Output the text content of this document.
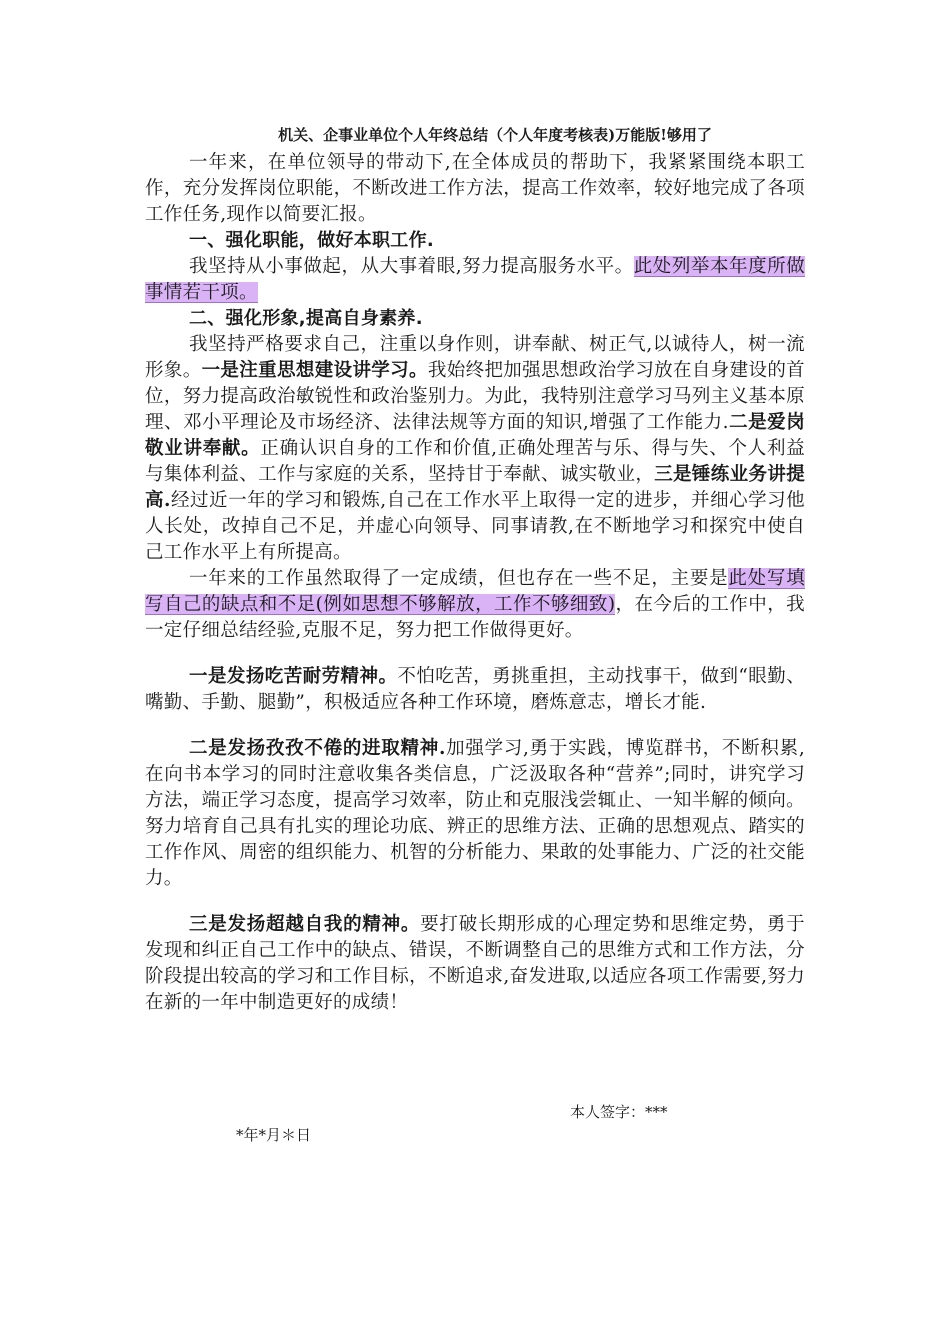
机关、企事业单位个人年终总结（个人年度考核表)万能版!够用了

一年来，在单位领导的带动下,在全体成员的帮助下，我紧紧围绕本职工作，充分发挥岗位职能，不断改进工作方法，提高工作效率，较好地完成了各项工作任务,现作以简要汇报。

一、强化职能，做好本职工作.

我坚持从小事做起，从大事着眼,努力提高服务水平。此处列举本年度所做事情若干项。

二、强化形象,提高自身素养.

我坚持严格要求自己，注重以身作则，讲奉献、树正气,以诚待人，树一流形象。一是注重思想建设讲学习。我始终把加强思想政治学习放在自身建设的首位，努力提高政治敏锐性和政治鉴别力。为此，我特别注意学习马列主义基本原理、邓小平理论及市场经济、法律法规等方面的知识,增强了工作能力.二是爱岗敬业讲奉献。正确认识自身的工作和价值,正确处理苦与乐、得与失、个人利益与集体利益、工作与家庭的关系，坚持甘于奉献、诚实敬业，三是锤练业务讲提高.经过近一年的学习和锻炼,自己在工作水平上取得一定的进步，并细心学习他人长处，改掉自己不足，并虚心向领导、同事请教,在不断地学习和探究中使自己工作水平上有所提高。

一年来的工作虽然取得了一定成绩，但也存在一些不足，主要是此处写填写自己的缺点和不足(例如思想不够解放，工作不够细致)，在今后的工作中，我一定仔细总结经验,克服不足，努力把工作做得更好。

一是发扬吃苦耐劳精神。不怕吃苦，勇挑重担，主动找事干，做到“眼勤、嘴勤、手勤、腿勤”，积极适应各种工作环境，磨炼意志，增长才能.

二是发扬孜孜不倦的进取精神.加强学习,勇于实践，博览群书，不断积累,在向书本学习的同时注意收集各类信息，广泛汲取各种“营养”;同时，讲究学习方法，端正学习态度，提高学习效率，防止和克服浅尝辄止、一知半解的倾向。努力培育自己具有扎实的理论功底、辨正的思维方法、正确的思想观点、踏实的工作作风、周密的组织能力、机智的分析能力、果敢的处事能力、广泛的社交能力。

三是发扬超越自我的精神。要打破长期形成的心理定势和思维定势，勇于发现和纠正自己工作中的缺点、错误，不断调整自己的思维方式和工作方法，分阶段提出较高的学习和工作目标，不断追求,奋发进取,以适应各项工作需要,努力在新的一年中制造更好的成绩！

本人签字：***
*年*月＊日
